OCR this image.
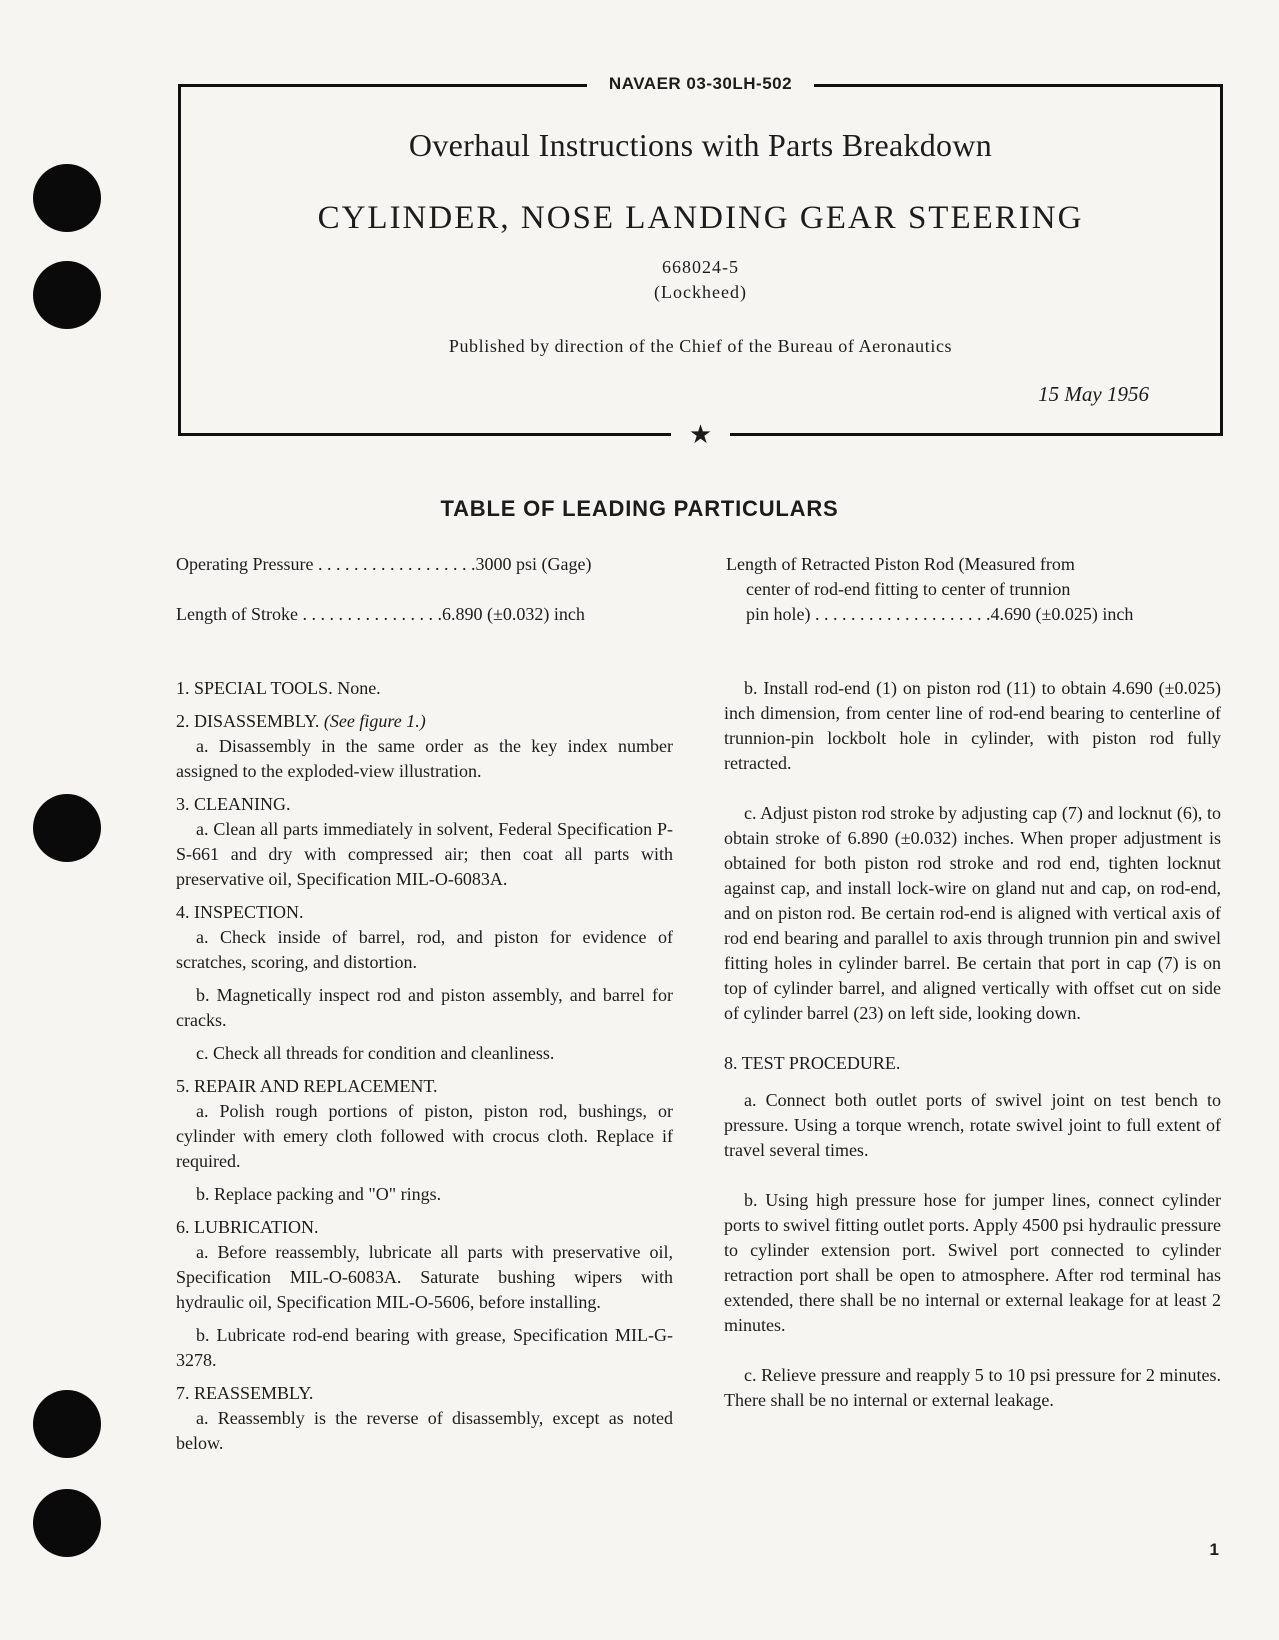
NAVAER 03-30LH-502
★
Overhaul Instructions with Parts Breakdown
CYLINDER, NOSE LANDING GEAR STEERING
668024-5
(Lockheed)
Published by direction of the Chief of the Bureau of Aeronautics
15 May 1956
TABLE OF LEADING PARTICULARS
Operating Pressure . . . . . . . . . . . . . . . . . .3000 psi (Gage)
Length of Stroke . . . . . . . . . . . . . . . .6.890 (±0.032) inch
Length of Retracted Piston Rod (Measured from
center of rod-end fitting to center of trunnion
pin hole) . . . . . . . . . . . . . . . . . . . .4.690 (±0.025) inch

1. SPECIAL TOOLS. None.

2. DISASSEMBLY. (See figure 1.)

a. Disassembly in the same order as the key index number assigned to the exploded-view illustration.

3. CLEANING.

a. Clean all parts immediately in solvent, Federal Specification P-S-661 and dry with compressed air; then coat all parts with preservative oil, Specification MIL-O-6083A.

4. INSPECTION.

a. Check inside of barrel, rod, and piston for evidence of scratches, scoring, and distortion.

b. Magnetically inspect rod and piston assembly, and barrel for cracks.

c. Check all threads for condition and cleanliness.

5. REPAIR AND REPLACEMENT.

a. Polish rough portions of piston, piston rod, bushings, or cylinder with emery cloth followed with crocus cloth. Replace if required.

b. Replace packing and "O" rings.

6. LUBRICATION.

a. Before reassembly, lubricate all parts with preservative oil, Specification MIL-O-6083A. Saturate bushing wipers with hydraulic oil, Specification MIL-O-5606, before installing.

b. Lubricate rod-end bearing with grease, Specification MIL-G-3278.

7. REASSEMBLY.

a. Reassembly is the reverse of disassembly, except as noted below.

b. Install rod-end (1) on piston rod (11) to obtain 4.690 (±0.025) inch dimension, from center line of rod-end bearing to centerline of trunnion-pin lockbolt hole in cylinder, with piston rod fully retracted.

c. Adjust piston rod stroke by adjusting cap (7) and locknut (6), to obtain stroke of 6.890 (±0.032) inches. When proper adjustment is obtained for both piston rod stroke and rod end, tighten locknut against cap, and install lock-wire on gland nut and cap, on rod-end, and on piston rod. Be certain rod-end is aligned with vertical axis of rod end bearing and parallel to axis through trunnion pin and swivel fitting holes in cylinder barrel. Be certain that port in cap (7) is on top of cylinder barrel, and aligned vertically with offset cut on side of cylinder barrel (23) on left side, looking down.

8. TEST PROCEDURE.

a. Connect both outlet ports of swivel joint on test bench to pressure. Using a torque wrench, rotate swivel joint to full extent of travel several times.

b. Using high pressure hose for jumper lines, connect cylinder ports to swivel fitting outlet ports. Apply 4500 psi hydraulic pressure to cylinder extension port. Swivel port connected to cylinder retraction port shall be open to atmosphere. After rod terminal has extended, there shall be no internal or external leakage for at least 2 minutes.

c. Relieve pressure and reapply 5 to 10 psi pressure for 2 minutes. There shall be no internal or external leakage.

1
